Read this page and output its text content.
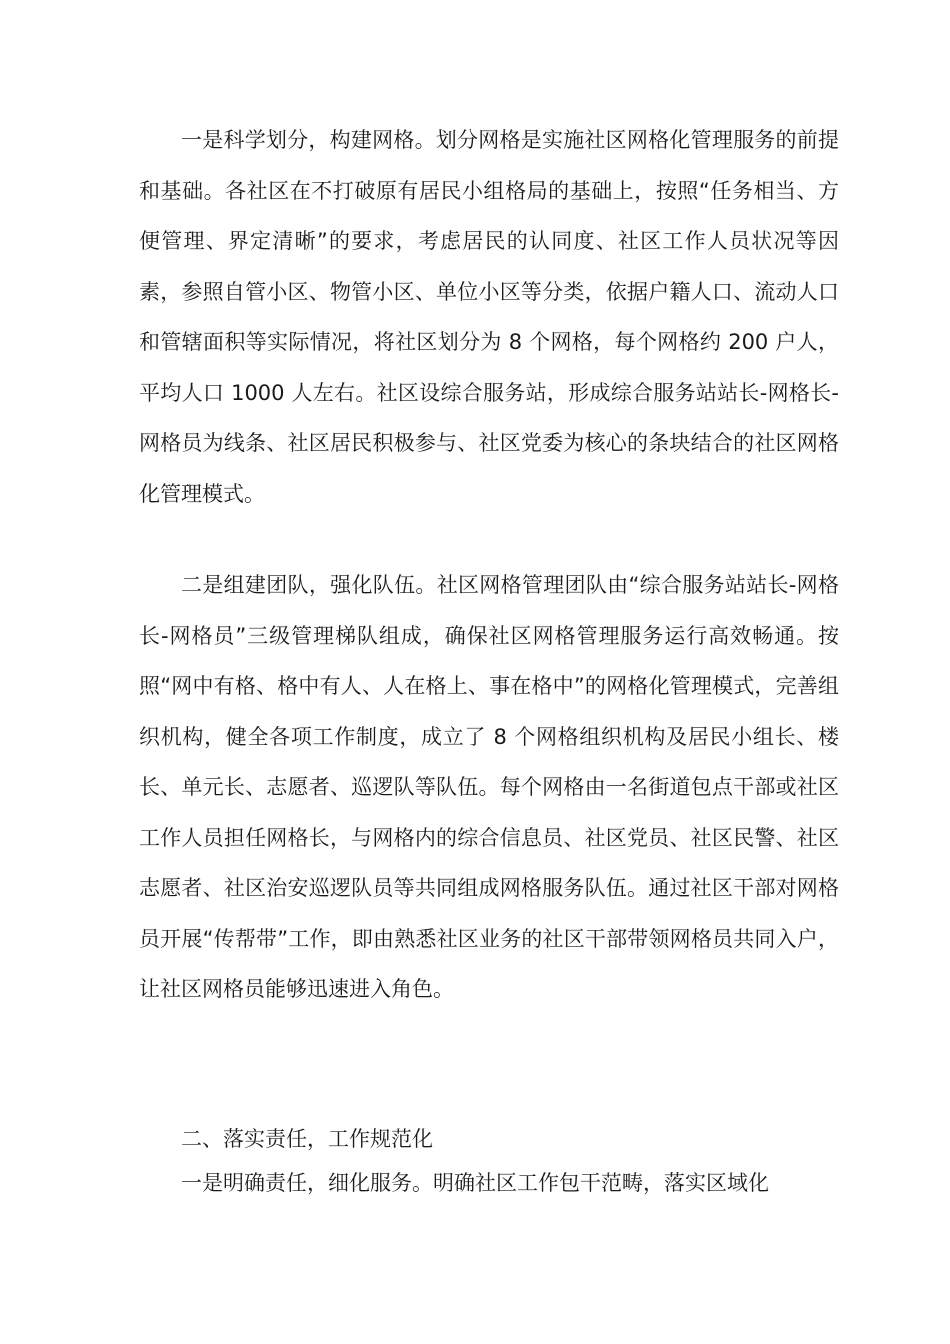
一是科学划分，构建网格。划分网格是实施社区网格化管理服务的前提和基础。各社区在不打破原有居民小组格局的基础上，按照“任务相当、方便管理、界定清晰”的要求，考虑居民的认同度、社区工作人员状况等因素，参照自管小区、物管小区、单位小区等分类，依据户籍人口、流动人口和管辖面积等实际情况，将社区划分为 8 个网格，每个网格约 200 户人，平均人口 1000 人左右。社区设综合服务站，形成综合服务站站长-网格长-网格员为线条、社区居民积极参与、社区党委为核心的条块结合的社区网格化管理模式。

二是组建团队，强化队伍。社区网格管理团队由“综合服务站站长-网格长-网格员”三级管理梯队组成，确保社区网格管理服务运行高效畅通。按照“网中有格、格中有人、人在格上、事在格中”的网格化管理模式，完善组织机构，健全各项工作制度，成立了 8 个网格组织机构及居民小组长、楼长、单元长、志愿者、巡逻队等队伍。每个网格由一名街道包点干部或社区工作人员担任网格长，与网格内的综合信息员、社区党员、社区民警、社区志愿者、社区治安巡逻队员等共同组成网格服务队伍。通过社区干部对网格员开展“传帮带”工作，即由熟悉社区业务的社区干部带领网格员共同入户，让社区网格员能够迅速进入角色。

二、落实责任，工作规范化

一是明确责任，细化服务。明确社区工作包干范畴，落实区域化
